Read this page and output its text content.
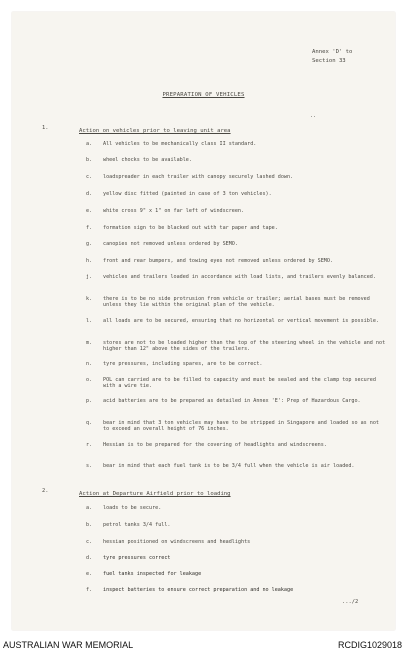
Annex 'D' to
Section 33
PREPARATION OF VEHICLES
..
1.	Action on vehicles prior to leaving unit area
a.	All vehicles to be mechanically class II standard.
b.	wheel chocks to be available.
c.	loadspreader in each trailer with canopy securely lashed down.
d.	yellow disc fitted (painted in case of 3 ton vehicles).
e.	white cross 9" x 1" on far left of windscreen.
f.	formation sign to be blacked out with tar paper and tape.
g.	canopies not removed unless ordered by SEMO.
h.	front and rear bumpers, and towing eyes not removed unless ordered by SEMO.
j.	vehicles and trailers loaded in accordance with load lists, and trailers evenly balanced.
k.	there is to be no side protrusion from vehicle or trailer; aerial bases must be removed unless they lie within the original plan of the vehicle.
l.	all loads are to be secured, ensuring that no horizontal or vertical movement is possible.
m.	stores are not to be loaded higher than the top of the steering wheel in the vehicle and not higher than 12" above the sides of the trailers.
n.	tyre pressures, including spares, are to be correct.
o.	POL can carried are to be filled to capacity and must be sealed and the clamp top secured with a wire tie.
p.	acid batteries are to be prepared as detailed in Annex 'E': Prep of Hazardous Cargo.
q.	bear in mind that 3 ton vehicles may have to be stripped in Singapore and loaded so as not to exceed an overall height of 76 inches.
r.	Hessian is to be prepared for the covering of headlights and windscreens.
s.	bear in mind that each fuel tank is to be 3/4 full when the vehicle is air loaded.
2.	Action at Departure Airfield prior to loading
a.	loads to be secure.
b.	petrol tanks 3/4 full.
c.	hessian positioned on windscreens and headlights
d.	tyre pressures correct
e.	fuel tanks inspected for leakage
f.	inspect batteries to ensure correct preparation and no leakage
.../2
AUSTRALIAN WAR MEMORIAL	RCDIG1029018
